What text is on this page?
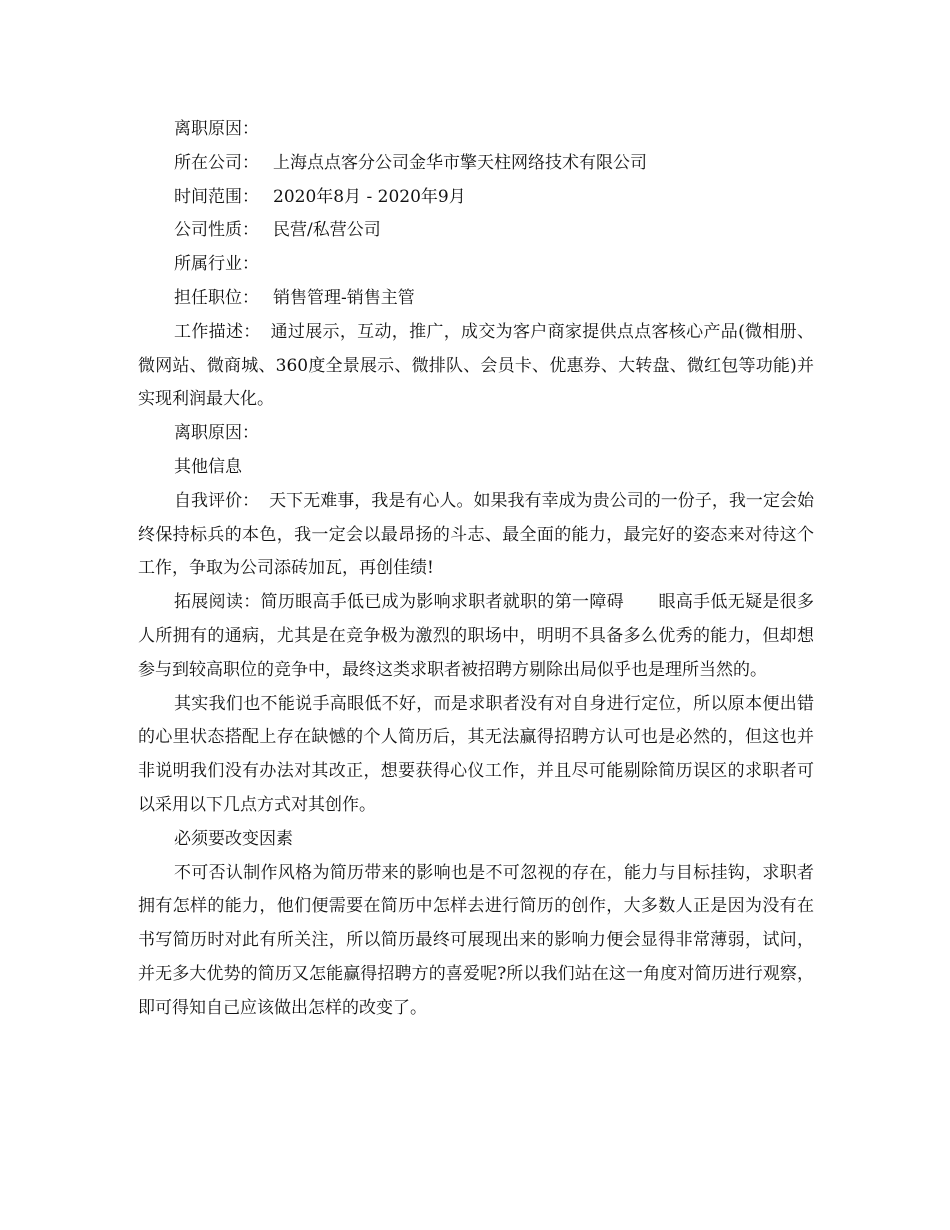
离职原因：

所在公司： 上海点点客分公司金华市擎天柱网络技术有限公司

时间范围： 2020年8月 - 2020年9月

公司性质： 民营/私营公司

所属行业：

担任职位： 销售管理-销售主管

工作描述： 通过展示，互动，推广，成交为客户商家提供点点客核心产品(微相册、微网站、微商城、360度全景展示、微排队、会员卡、优惠券、大转盘、微红包等功能)并实现利润最大化。

离职原因：

其他信息

自我评价： 天下无难事，我是有心人。如果我有幸成为贵公司的一份子，我一定会始终保持标兵的本色，我一定会以最昂扬的斗志、最全面的能力，最完好的姿态来对待这个工作，争取为公司添砖加瓦，再创佳绩!

拓展阅读：简历眼高手低已成为影响求职者就职的第一障碍　　眼高手低无疑是很多人所拥有的通病，尤其是在竞争极为激烈的职场中，明明不具备多么优秀的能力，但却想参与到较高职位的竞争中，最终这类求职者被招聘方剔除出局似乎也是理所当然的。

其实我们也不能说手高眼低不好，而是求职者没有对自身进行定位，所以原本便出错的心里状态搭配上存在缺憾的个人简历后，其无法赢得招聘方认可也是必然的，但这也并非说明我们没有办法对其改正，想要获得心仪工作，并且尽可能剔除简历误区的求职者可以采用以下几点方式对其创作。

必须要改变因素

不可否认制作风格为简历带来的影响也是不可忽视的存在，能力与目标挂钩，求职者拥有怎样的能力，他们便需要在简历中怎样去进行简历的创作，大多数人正是因为没有在书写简历时对此有所关注，所以简历最终可展现出来的影响力便会显得非常薄弱，试问，并无多大优势的简历又怎能赢得招聘方的喜爱呢?所以我们站在这一角度对简历进行观察，即可得知自己应该做出怎样的改变了。
